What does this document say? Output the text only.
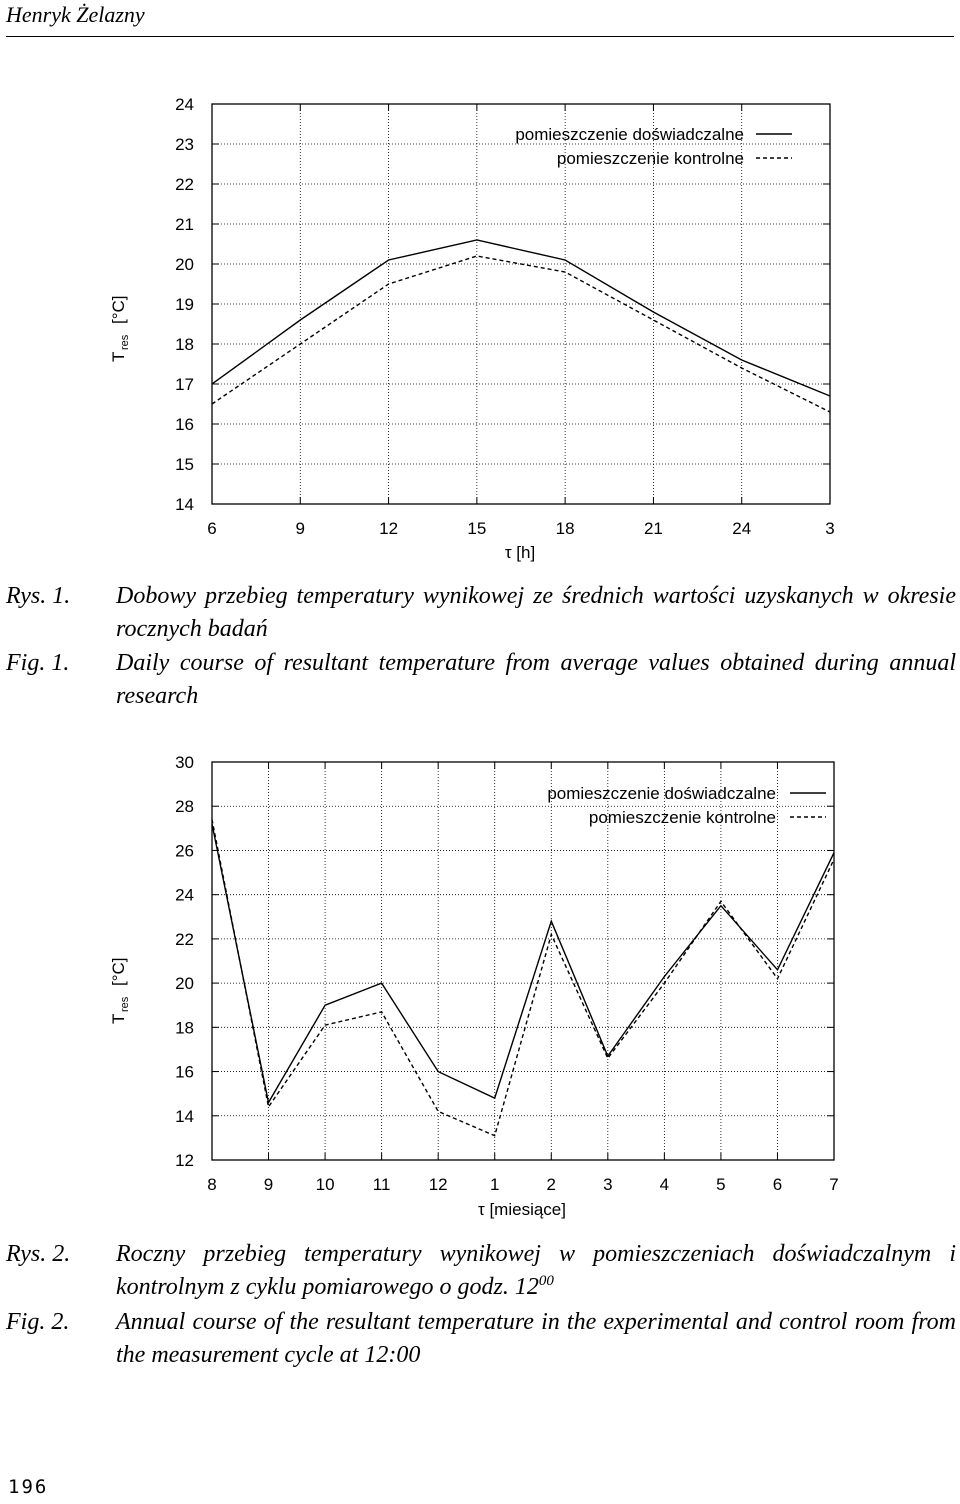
Henryk Żelazny
14
15
16
17
18
19
20
21
22
23
24
6	9	12	15	18	21	24	3
τ [h]
T
res
[°C]
pomieszczenie doświadczalne
pomieszczenie kontrolne
Rys. 1.	Dobowy przebieg temperatury wynikowej ze średnich wartości uzyskanych w okresie rocznych badań
Fig. 1.	Daily course of resultant temperature from average values obtained during annual research
12
14
16
18
20
22
24
26
28
30
8	9 10 11 12 1	2	3	4	5	6	7
τ [miesiące]
T
res
[°C]
pomieszczenie doświadczalne
pomieszczenie kontrolne
Rys. 2.	Roczny przebieg temperatury wynikowej w pomieszczeniach doświadczalnym i kontrolnym z cyklu pomiarowego o godz. $12^{00}$
Fig. 2.	Annual course of the resultant temperature in the experimental and control room from the measurement cycle at 12:00
196
